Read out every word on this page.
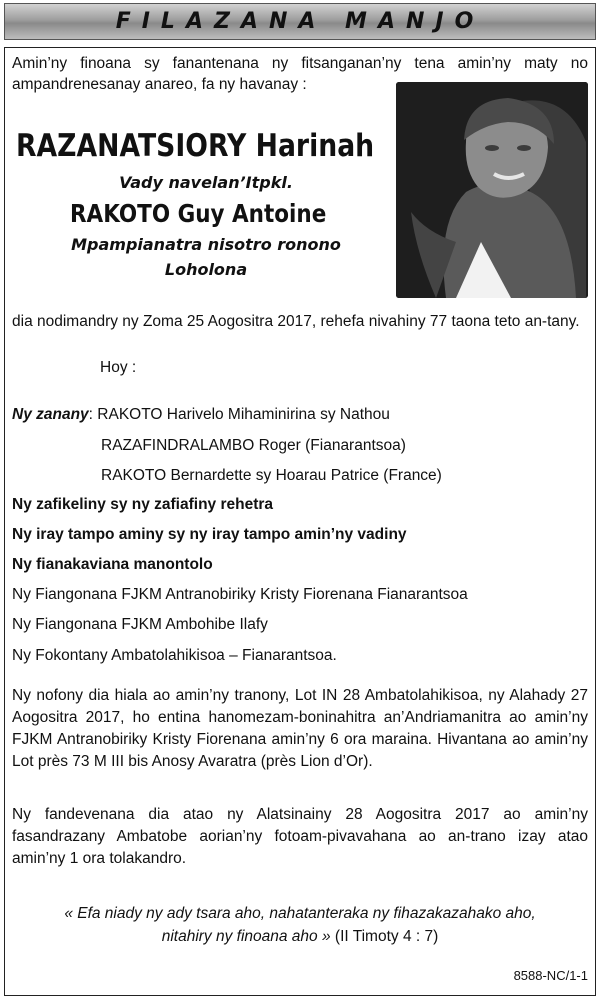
FILAZANA MANJO

Amin’ny finoana sy fanantenana ny fitsanganan’ny tena amin’ny maty no ampandrenesanay anareo, fa ny havanay :

RAZANATSIORY Harinah
Vady navelan’Itpkl.
RAKOTO Guy Antoine
Mpampianatra nisotro ronono
Loholona

dia nodimandry ny Zoma 25 Aogositra 2017, rehefa nivahiny 77 taona teto an-tany.

Hoy :
Ny zanany: RAKOTO Harivelo Mihaminirina sy Nathou
RAZAFINDRALAMBO Roger (Fianarantsoa)
RAKOTO Bernardette sy Hoarau Patrice (France)
Ny zafikeliny sy ny zafiafiny rehetra
Ny iray tampo aminy sy ny iray tampo amin’ny vadiny
Ny fianakaviana manontolo
Ny Fiangonana FJKM Antranobiriky Kristy Fiorenana Fianarantsoa
Ny Fiangonana FJKM Ambohibe Ilafy
Ny Fokontany Ambatolahikisoa – Fianarantsoa.

Ny nofony dia hiala ao amin’ny tranony, Lot IN 28 Ambatolahikisoa, ny Alahady 27 Aogositra 2017, ho entina hanomezam-boninahitra an’Andriamanitra ao amin’ny FJKM Antranobiriky Kristy Fiorenana amin’ny 6 ora maraina. Hivantana ao amin’ny Lot près 73 M III bis Anosy Avaratra (près Lion d’Or).

Ny fandevenana dia atao ny Alatsinainy 28 Aogositra 2017 ao amin’ny fasandrazany Ambatobe aorian’ny fotoam-pivavahana ao an-trano izay atao amin’ny 1 ora tolakandro.

« Efa niady ny ady tsara aho, nahatanteraka ny fihazakazahako aho,
nitahiry ny finoana aho » (II Timoty 4 : 7)
8588-NC/1-1
